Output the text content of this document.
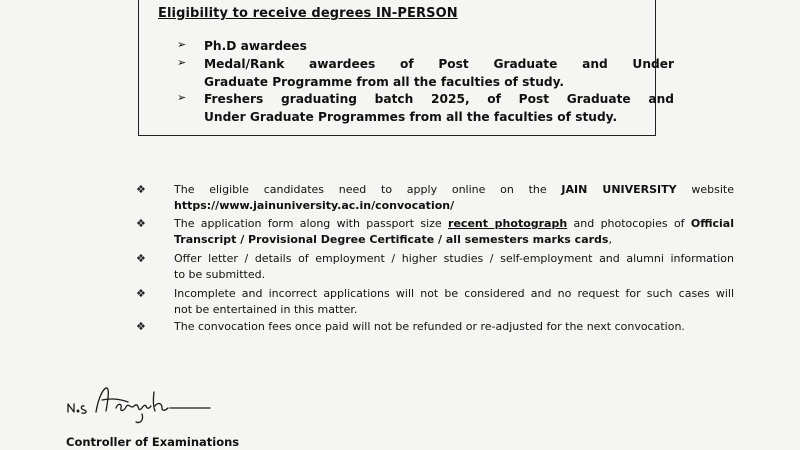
Eligibility to receive degrees IN-PERSON
➢ Ph.D awardees
➢ Medal/Rank awardees of Post Graduate and Under
Graduate Programme from all the faculties of study.
➢ Freshers graduating batch 2025, of Post Graduate and
Under Graduate Programmes from all the faculties of study.
❖	The eligible candidates need to apply online on the JAIN UNIVERSITY website
https://www.jainuniversity.ac.in/convocation/
❖	The application form along with passport size recent photograph and photocopies of Official
Transcript / Provisional Degree Certificate / all semesters marks cards,
❖	Offer letter / details of employment / higher studies / self-employment and alumni information
to be submitted.
❖	Incomplete and incorrect applications will not be considered and no request for such cases will
not be entertained in this matter.
❖	The convocation fees once paid will not be refunded or re-adjusted for the next convocation.
Controller of Examinations
